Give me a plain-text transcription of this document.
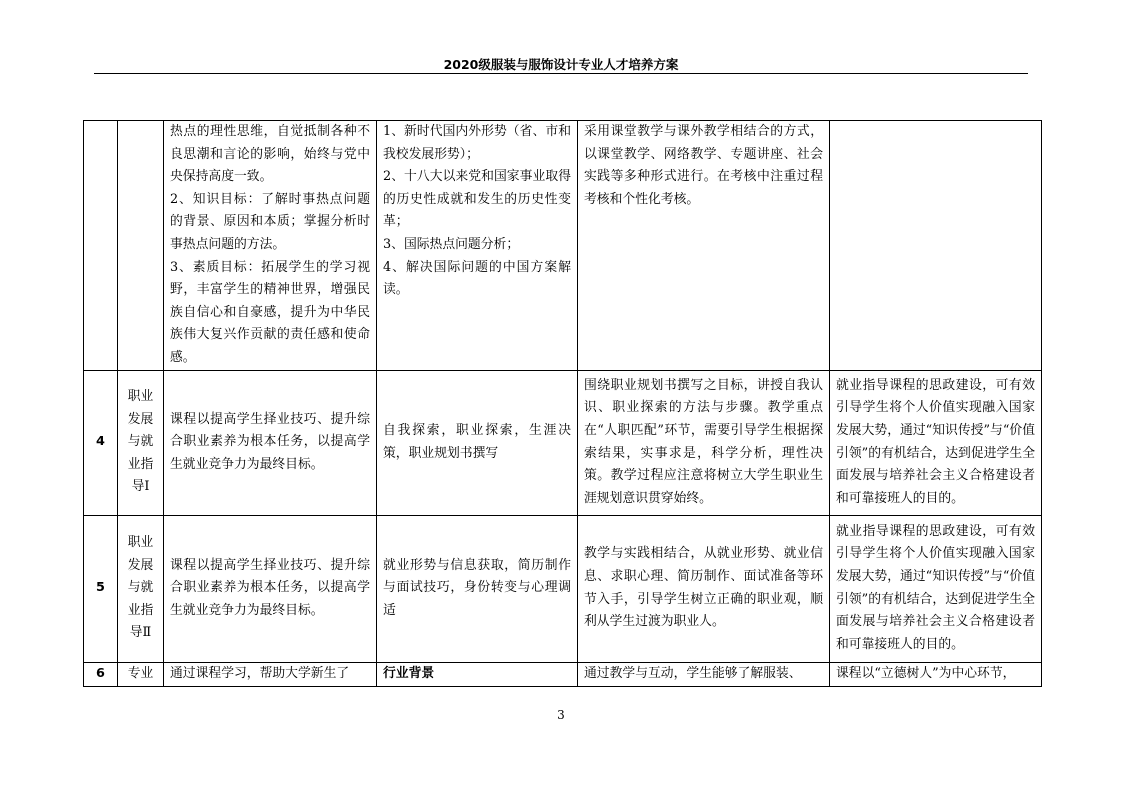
2020级服装与服饰设计专业人才培养方案
		热点的理性思维，自觉抵制各种不良思潮和言论的影响，始终与党中央保持高度一致。
2、知识目标：了解时事热点问题的背景、原因和本质；掌握分析时事热点问题的方法。
3、素质目标：拓展学生的学习视野，丰富学生的精神世界，增强民族自信心和自豪感，提升为中华民族伟大复兴作贡献的责任感和使命感。	1、新时代国内外形势（省、市和我校发展形势）；
2、十八大以来党和国家事业取得的历史性成就和发生的历史性变革；
3、国际热点问题分析；
4、解决国际问题的中国方案解读。	采用课堂教学与课外教学相结合的方式，以课堂教学、网络教学、专题讲座、社会实践等多种形式进行。在考核中注重过程考核和个性化考核。	
4	职业发展与就业指导Ⅰ	课程以提高学生择业技巧、提升综合职业素养为根本任务，以提高学生就业竞争力为最终目标。	自我探索，职业探索，生涯决策，职业规划书撰写	围绕职业规划书撰写之目标，讲授自我认识、职业探索的方法与步骤。教学重点在“人职匹配”环节，需要引导学生根据探索结果，实事求是，科学分析，理性决策。教学过程应注意将树立大学生职业生涯规划意识贯穿始终。	就业指导课程的思政建设，可有效引导学生将个人价值实现融入国家发展大势，通过“知识传授”与“价值引领”的有机结合，达到促进学生全面发展与培养社会主义合格建设者和可靠接班人的目的。
5	职业发展与就业指导Ⅱ	课程以提高学生择业技巧、提升综合职业素养为根本任务，以提高学生就业竞争力为最终目标。	就业形势与信息获取，简历制作与面试技巧，身份转变与心理调适	教学与实践相结合，从就业形势、就业信息、求职心理、简历制作、面试准备等环节入手，引导学生树立正确的职业观，顺利从学生过渡为职业人。	就业指导课程的思政建设，可有效引导学生将个人价值实现融入国家发展大势，通过“知识传授”与“价值引领”的有机结合，达到促进学生全面发展与培养社会主义合格建设者和可靠接班人的目的。
6	专业	通过课程学习，帮助大学新生了	行业背景	通过教学与互动，学生能够了解服装、	课程以“立德树人”为中心环节，
3
